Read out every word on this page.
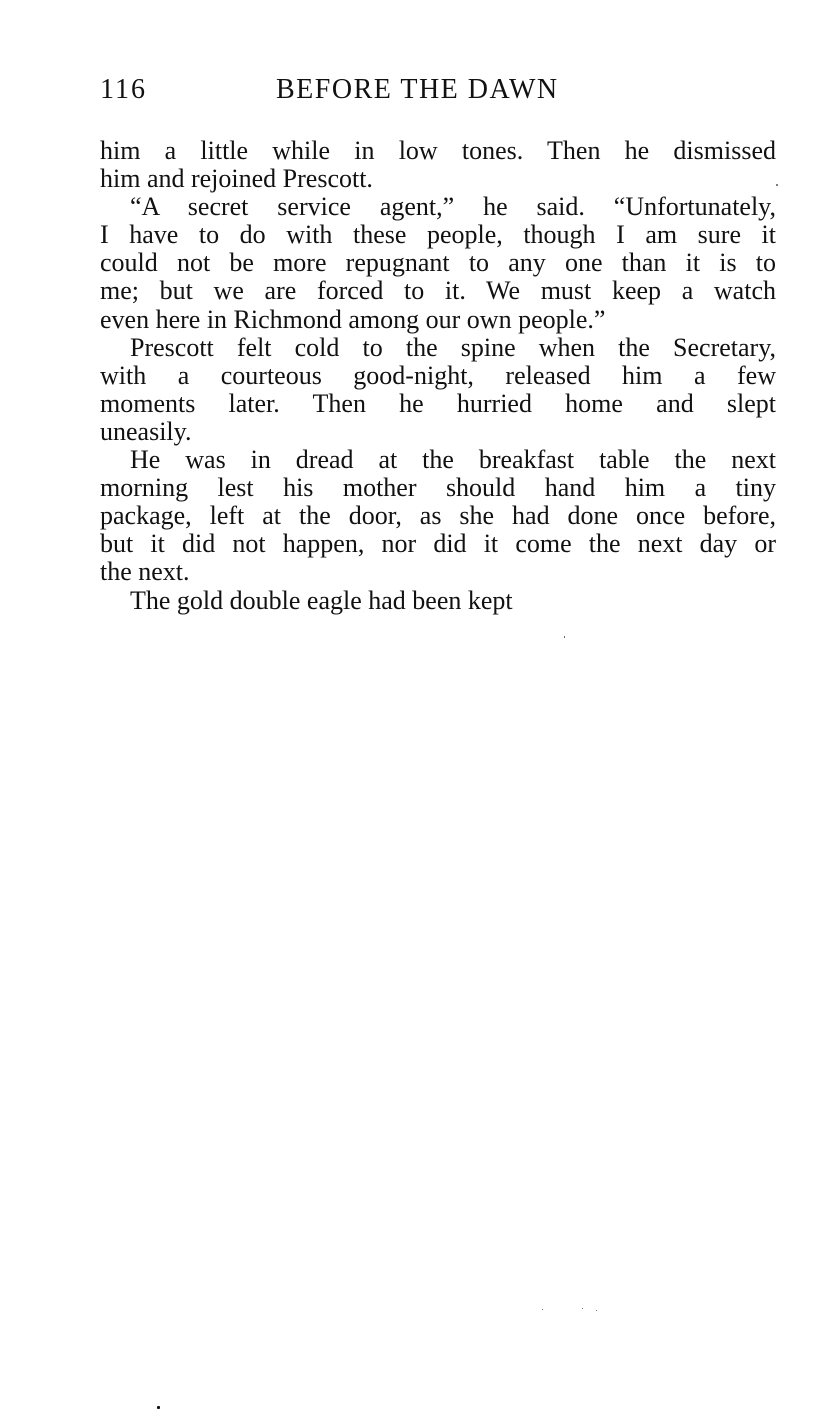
116	BEFORE THE DAWN

him a little while in low tones. Then he dismissed
him and rejoined Prescott.

“A secret service agent,” he said. “Unfortunately,
I have to do with these people, though I am sure it
could not be more repugnant to any one than it is to
me; but we are forced to it. We must keep a watch
even here in Richmond among our own people.”

Prescott felt cold to the spine when the Secretary,
with a courteous good-night, released him a few
moments later. Then he hurried home and slept
uneasily.

He was in dread at the breakfast table the next
morning lest his mother should hand him a tiny
package, left at the door, as she had done once before,
but it did not happen, nor did it come the next day or
the next.

The gold double eagle had been kept
